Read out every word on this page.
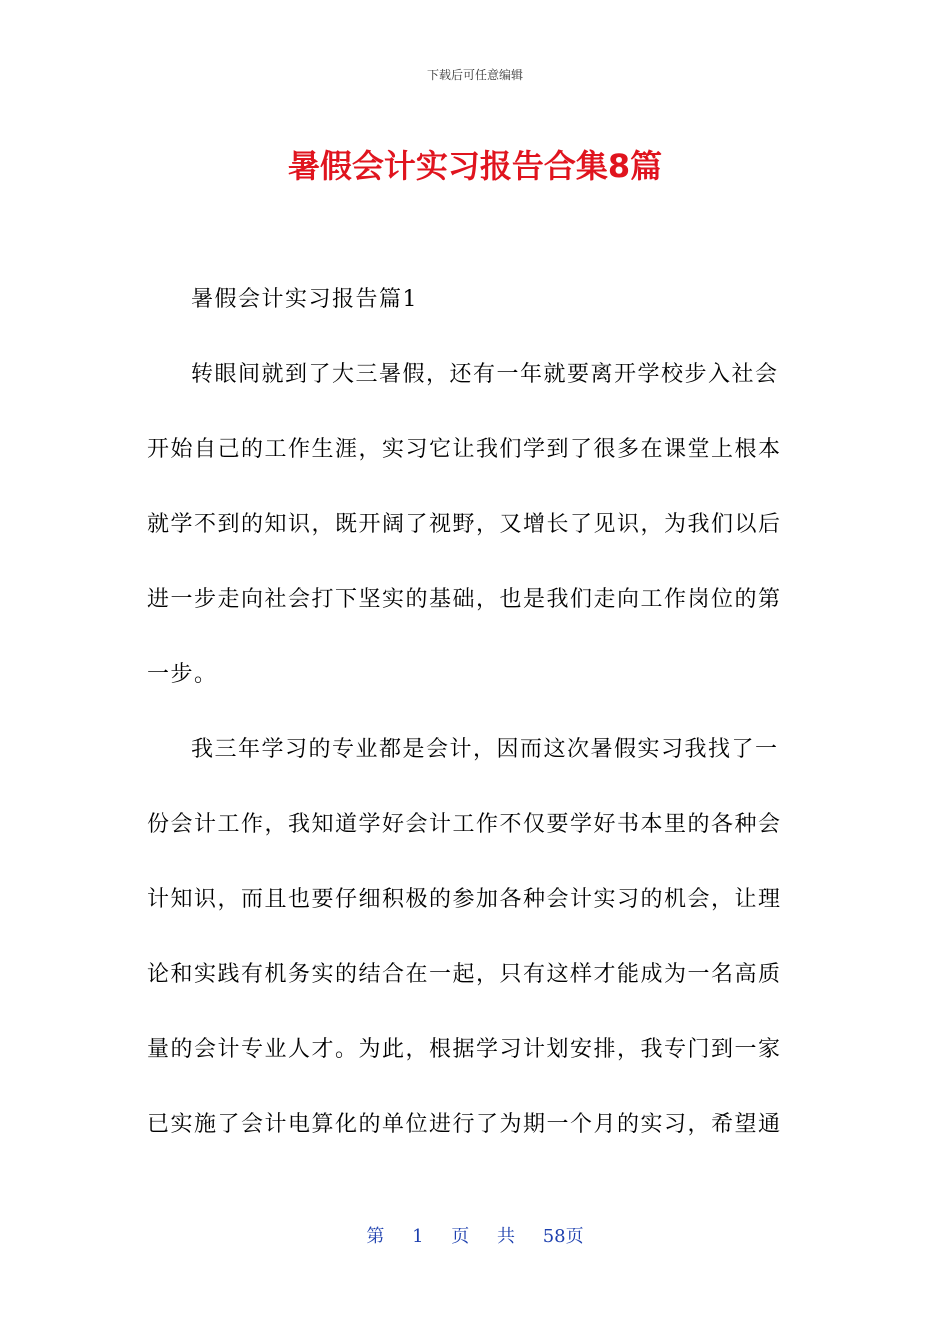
下载后可任意编辑
暑假会计实习报告合集8篇

暑假会计实习报告篇1

转眼间就到了大三暑假，还有一年就要离开学校步入社会开始自己的工作生涯，实习它让我们学到了很多在课堂上根本就学不到的知识，既开阔了视野，又增长了见识，为我们以后进一步走向社会打下坚实的基础，也是我们走向工作岗位的第一步。

我三年学习的专业都是会计，因而这次暑假实习我找了一份会计工作，我知道学好会计工作不仅要学好书本里的各种会计知识，而且也要仔细积极的参加各种会计实习的机会，让理论和实践有机务实的结合在一起，只有这样才能成为一名高质量的会计专业人才。为此，根据学习计划安排，我专门到一家已实施了会计电算化的单位进行了为期一个月的实习，希望通

第 1 页 共 58页
